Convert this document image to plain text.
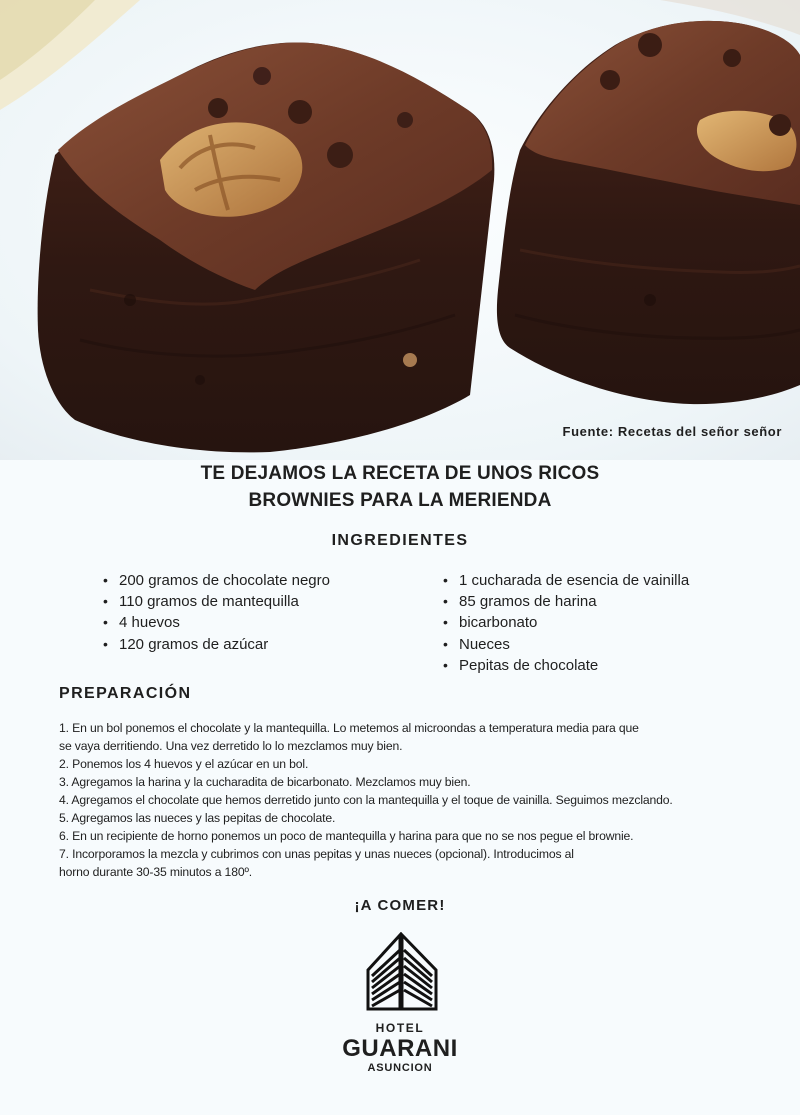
Fuente: Recetas del señor señor
TE DEJAMOS LA RECETA DE UNOS RICOS
BROWNIES PARA LA MERIENDA
INGREDIENTES
• 200 gramos de chocolate negro
• 110 gramos de mantequilla
• 4 huevos
• 120 gramos de azúcar
• 1 cucharada de esencia de vainilla
• 85 gramos de harina
• bicarbonato
• Nueces
• Pepitas de chocolate
PREPARACIÓN
1. En un bol ponemos el chocolate y la mantequilla. Lo metemos al microondas a temperatura media para que
se vaya derritiendo. Una vez derretido lo lo mezclamos muy bien.
2. Ponemos los 4 huevos y el azúcar en un bol.
3. Agregamos la harina y la cucharadita de bicarbonato. Mezclamos muy bien.
4. Agregamos el chocolate que hemos derretido junto con la mantequilla y el toque de vainilla. Seguimos mezclando.
5. Agregamos las nueces y las pepitas de chocolate.
6. En un recipiente de horno ponemos un poco de mantequilla y harina para que no se nos pegue el brownie.
7. Incorporamos la mezcla y cubrimos con unas pepitas y unas nueces (opcional). Introducimos al
horno durante 30-35 minutos a 180º.
¡A COMER!
HOTEL
GUARANI
ASUNCION
